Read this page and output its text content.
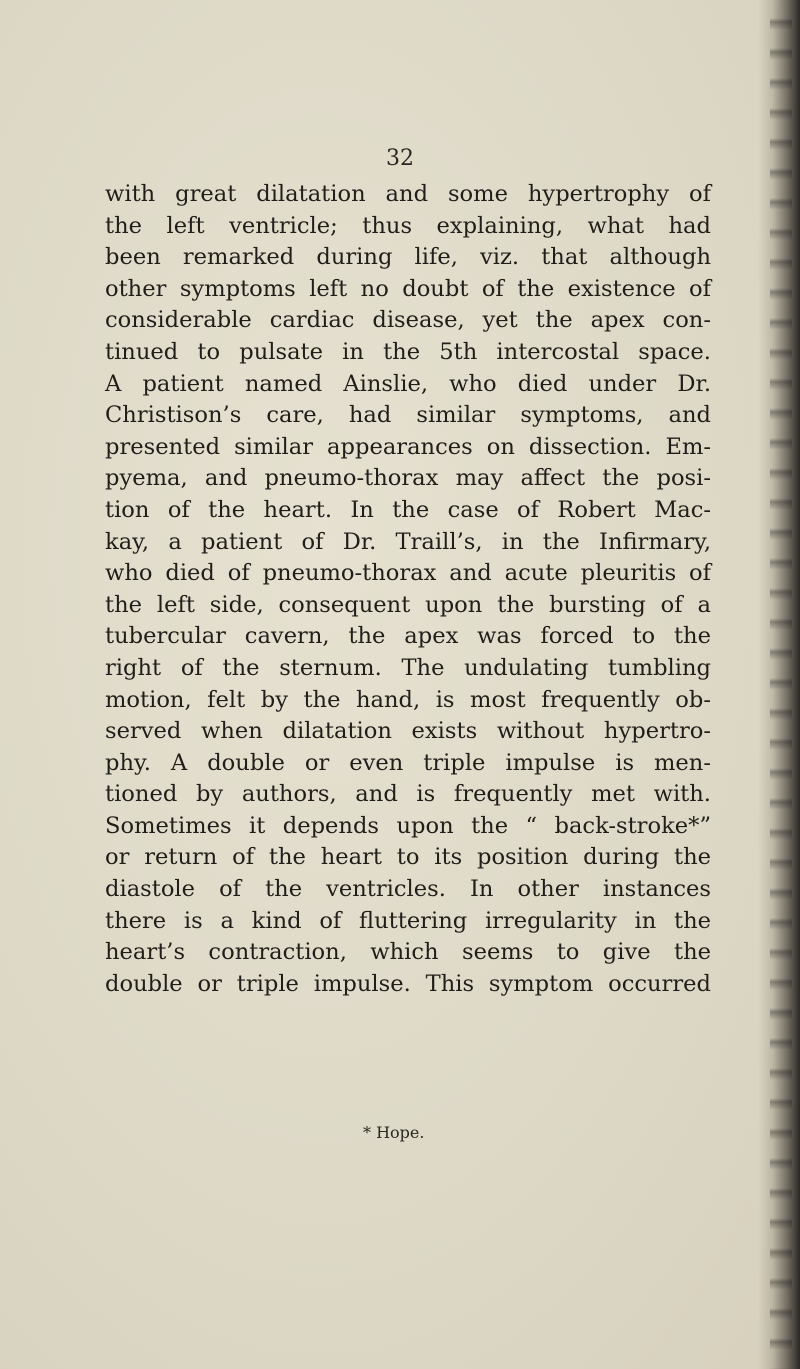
32

with great dilatation and some hypertrophy of
the left ventricle; thus explaining, what had
been remarked during life, viz. that although
other symptoms left no doubt of the existence of
considerable cardiac disease, yet the apex con-
tinued to pulsate in the 5th intercostal space.
A patient named Ainslie, who died under Dr.
Christison’s care, had similar symptoms, and
presented similar appearances on dissection. Em-
pyema, and pneumo-thorax may affect the posi-
tion of the heart. In the case of Robert Mac-
kay, a patient of Dr. Traill’s, in the Infirmary,
who died of pneumo-thorax and acute pleuritis of
the left side, consequent upon the bursting of a
tubercular cavern, the apex was forced to the
right of the sternum. The undulating tumbling
motion, felt by the hand, is most frequently ob-
served when dilatation exists without hypertro-
phy. A double or even triple impulse is men-
tioned by authors, and is frequently met with.
Sometimes it depends upon the “ back-stroke*”
or return of the heart to its position during the
diastole of the ventricles. In other instances
there is a kind of fluttering irregularity in the
heart’s contraction, which seems to give the
double or triple impulse. This symptom occurred

* Hope.
